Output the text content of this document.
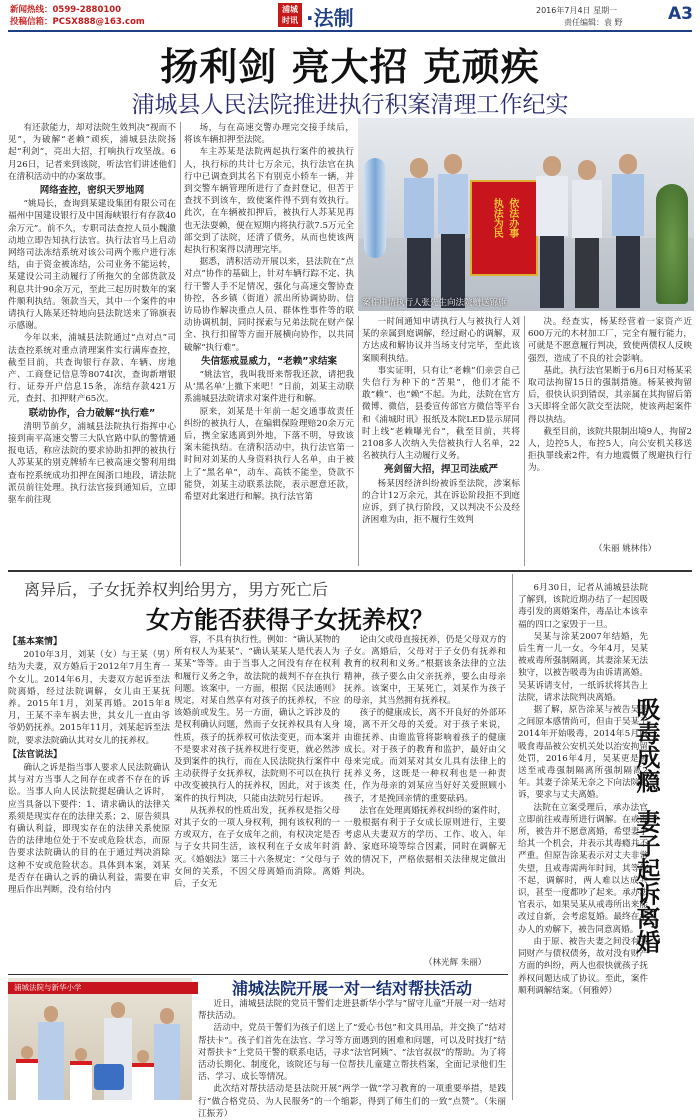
新闻热线：0599-2880100
投稿信箱：PCSX888@163.com
浦城时讯 ·法制	2016年7月4日 星期一
责任编辑：袁 野	A3
扬利剑 亮大招 克顽疾
浦城县人民法院推进执行积案清理工作纪实
执法为民 依法办事
案件申请执行人张先生向法院赠送锦旗

有还款能力，却对法院生效判决“视而不见”，为破解“老赖”顽疾，浦城县法院扬起“利剑”，亮出大招，打响执行攻坚战。6月26日，记者来到该院，听法官们讲述他们在清积活动中的办案故事。

网络查控，密织天罗地网

“姚局长，查询到某建设集团有限公司在福州中国建设银行及中国海峡银行有存款40余万元”。前不久，专职司法查控人员小魏激动地立即告知执行法官。执行法官马上启动网络司法冻结系统对该公司两个账户进行冻结，由于资金被冻结，公司业务不能运转，某建设公司主动履行了所拖欠的全部货款及利息共计90余万元，至此三起历时数年的案件顺利执结。领款当天，其中一个案件的申请执行人陈某还特地向县法院送来了锦旗表示感谢。

今年以来，浦城县法院通过“点对点”司法查控系统对重点清理案件实行满库查控，截至目前，共查询银行存款、车辆、房地产、工商登记信息等8074I次，查询新增银行、证券开户信息15条，冻结存款421万元，查封、扣押财产65次。

联动协作，合力破解“执行难”

清明节前夕，浦城县法院执行指挥中心接到南平高速交警三大队官路中队的警情通报电话，称应法院的要求协助扣押的被执行人苏某某的别克牌轿车已被高速交警利用缉查布控系统成功扣押在闽浙口地段，请法院派员前往处理。执行法官接到通知后，立即驱车前往现

场，与在高速交警办理完交接手续后，将该车辆扣押至法院。

车主苏某是法院两起执行案件的被执行人，执行标的共计七万余元，执行法官在执行中已调查到其名下有别克小轿车一辆，并到交警车辆管理所进行了查封登记，但苦于查找不到该车，致使案件得不到有效执行。此次，在车辆被扣押后，被执行人苏某见再也无法耍赖，便在短期内将执行款7.5万元全部交到了法院，还清了债务，从而也使该两起执行积案得以清理完毕。

据悉，清积活动开展以来，县法院在“点对点”协作的基础上，针对车辆行踪不定、执行干警人手不足情况，强化与高速交警协查协控，各乡镇（街道）派出所协调协助、信访局协作解决重点人员、群体性事件等的联动协调机制，同时探索与兄弟法院在财产保全、执行扣留等方面开展横向协作，以共同破解“执行难”。

失信惩戒显威力，“老赖”求结案

“姚法官，我叫我哥来帮我还款，请把我从‘黑名单’上撤下来吧！”日前，刘某主动联系浦城县法院请求对案件进行和解。

原来，刘某是十年前一起交通事故责任纠纷的被执行人，在编辑保险理赔20余万元后，携全家逃离到外地，下落不明，导致该案未能执结。在清积活动中，执行法官第一时间对刘某的人身资料执行人名单，由于被上了“黑名单”，动车、高铁不能坐，贷款不能贷，刘某主动联系法院，表示愿意还款，希望对此案进行和解。执行法官第

一时间通知申请执行人与被执行人刘某的亲属到庭调解，经过耐心的调解，双方达成和解协议并当场支付完毕，至此该案顺利执结。

事实证明，只有让“老赖”们亲尝自己失信行为种下的“苦果”，他们才能不敢“赖”、也“赖”不起。为此，法院在官方微博、微信，县委宣传部官方微信等平台和《浦城时讯》报纸及本院LED显示屏同时上线“老赖曝光台”，截至目前，共将2108多人次纳入失信被执行人名单，22名被执行人主动履行义务。

亮剑留大招，捍卫司法威严

杨某因经济纠纷被诉至法院，涉案标的合计12万余元，其在诉讼阶段拒不到庭应诉，到了执行阶段，又以判决不公及经济困难为由，拒不履行生效判

决。经查实，杨某经营着一家资产近600万元的木材加工厂，完全有履行能力，可就是不愿意履行判决，致使两债权人反映强烈，造成了不良的社会影响。

基此，执行法官果断于6月6日对杨某采取司法拘留15日的强制措施。杨某被拘留后，很快认识到错误，其亲属在其拘留后第3天即将全部欠款交至法院，使该两起案件得以执结。

截至目前，该院共限制出境9人，拘留2人，边控5人，布控5人，向公安机关移送拒执罪线索2件，有力地震慑了规避执行行为。

（朱丽 姚林伟）
离异后，子女抚养权判给男方，男方死亡后
女方能否获得子女抚养权？
【基本案情】

2010年3月，刘某（女）与王某（男）结为夫妻，双方婚后于2012年7月生育一个女儿。2014年6月，夫妻双方起诉至法院离婚，经过法院调解，女儿由王某抚养。2015年1月，刘某再婚。2015年8月，王某不幸车祸去世，其女儿一直由爷爷奶奶抚养。2015年11月，刘某起诉至法院，要求法院确认其对女儿的抚养权。

【法官说法】

确认之诉是指当事人要求人民法院确认其与对方当事人之间存在或者不存在的诉讼。当事人向人民法院提起确认之诉时，应当具备以下要件：1、请求确认的法律关系须是现实存在的法律关系；2、原告须具有确认利益，即现实存在的法律关系使原告的法律地位处于不安或危险状态，而原告要求法院确认的目的在于通过判决消除这种不安或危险状态。具体到本案，刘某是否存在确认之诉的确认利益，需要在审理后作出判断，没有给付内

容，不具有执行性。例如：“确认某物的所有权人为某某”、“确认某某人是代表人为某某”等等。由于当事人之间没有存在权利和履行义务之争，故法院的裁判不存在执行问题。该案中，一方面，根据《民法通则》规定，对某自然享有对孩子的抚养权，不应该婚前或发生。另一方面，确认之诉涉及的是权利确认问题，然而子女抚养权具有人身性质，孩子的抚养权可依法变更，而本案并不是要求对孩子抚养权进行变更，就必然涉及到案件的执行，而在人民法院执行案件中主动获得子女抚养权，法院则不可以在执行中改变被执行人的抚养权，因此，对于该类案件的执行判决，只能由法院另行起诉。

从抚养权的性质出发，抚养权是指父母对其子女的一项人身权利，拥有该权利的一方或双方，在子女成年之前，有权决定是否与子女共同生活，该权利在子女成年时消灭。《婚姻法》第三十六条规定：“父母与子女间的关系，不因父母离婚而消除。离婚后，子女无

论由父或母直接抚养，仍是父母双方的子女。离婚后，父母对于子女仍有抚养和教育的权利和义务。”根据该条法律的立法精神，孩子要么由父亲抚养，要么由母亲抚养。该案中，王某死亡，刘某作为孩子的母亲，其当然拥有抚养权。

孩子的健康成长，离不开良好的外部环境，离不开父母的关爱。对于孩子来说，由谁抚养、由谁监管将影响着孩子的健康成长。对于孩子的教育和监护，最好由父母来完成。而刘某对其女儿具有法律上的抚养义务，这既是一种权利也是一种责任，作为母亲的刘某应当好好关爱照顾小孩子，才是挽回亲情的重要砝码。

法官在处理离婚抚养权纠纷的案件时，一般根据有利于子女成长原则进行，主要考虑从夫妻双方的学历、工作、收入、年龄、家庭环境等综合因素，同时在调解无效的情况下，严格依据相关法律规定做出判决。

（林光辉 朱丽）
浦城法院开展一对一结对帮扶活动
浦城法院与新华小学

近日，浦城县法院的党员干警们走进县新华小学与“留守儿童”开展一对一结对帮扶活动。

活动中，党员干警们为孩子们送上了“爱心书包”和文具用品，并交换了“结对帮扶卡”。孩子们首先在法官、学习等方面遇到的困难和问题，可以及时找打“结对帮扶卡”上党员干警的联系电话，寻求“法官阿姨”、“法官叔叔”的帮助。为了将活动长期化、制度化，该院还与每一位帮扶儿童建立帮扶档案，全面记录他们生活、学习、成长等情况。

此次结对帮扶活动是县法院开展“两学一做”学习教育的一项重要举措，是践行“做合格党员、为人民服务”的一个缩影，得到了师生们的一致“点赞”。（朱丽 江振芳）

6月30日，记者从浦城县法院了解到，该院近期办结了一起因吸毒引发的离婚案件，毒品让本该幸福的四口之家毁于一旦。

吴某与涂某2007年结婚，先后生育一儿一女。今年4月，吴某被戒毒所强制隔离，其妻涂某无法独守，以被告吸毒为由诉请离婚。吴某诉请支付，一纸诉状将其告上法院，请求法院判决离婚。

据了解，原告涂某与被告吴某之间原本感情尚可，但由于吴某于2014年开始吸毒，2014年5月因吸食毒品被公安机关处以治安拘留处罚，2016年4月，吴某更是被送至戒毒强制隔离所强制隔离2年。其妻子涂某无奈之下向法院起诉，要求与丈夫离婚。

法院在立案受理后，承办法官立即前往戒毒所进行调解。在戒毒所，被告并不愿意离婚，希望妻子给其一个机会，并表示其毒瘾并不严重。但原告涂某表示对丈夫非常失望，且戒毒需两年时间，其等待不起，调解时，两人难以达成共识，甚至一度都吵了起来。承办法官表示，如果吴某从戒毒所出来能改过自新，会考虑复婚。最终在承办人的劝解下，被告同意离婚。

由于原、被告夫妻之间没有共同财产与债权债务，故对没有财产方面的纠纷，两人也很快就孩子抚养权问题达成了协议。至此，案件顺利调解结案。（何雅婷）

吸毒成瘾  妻子起诉离婚
